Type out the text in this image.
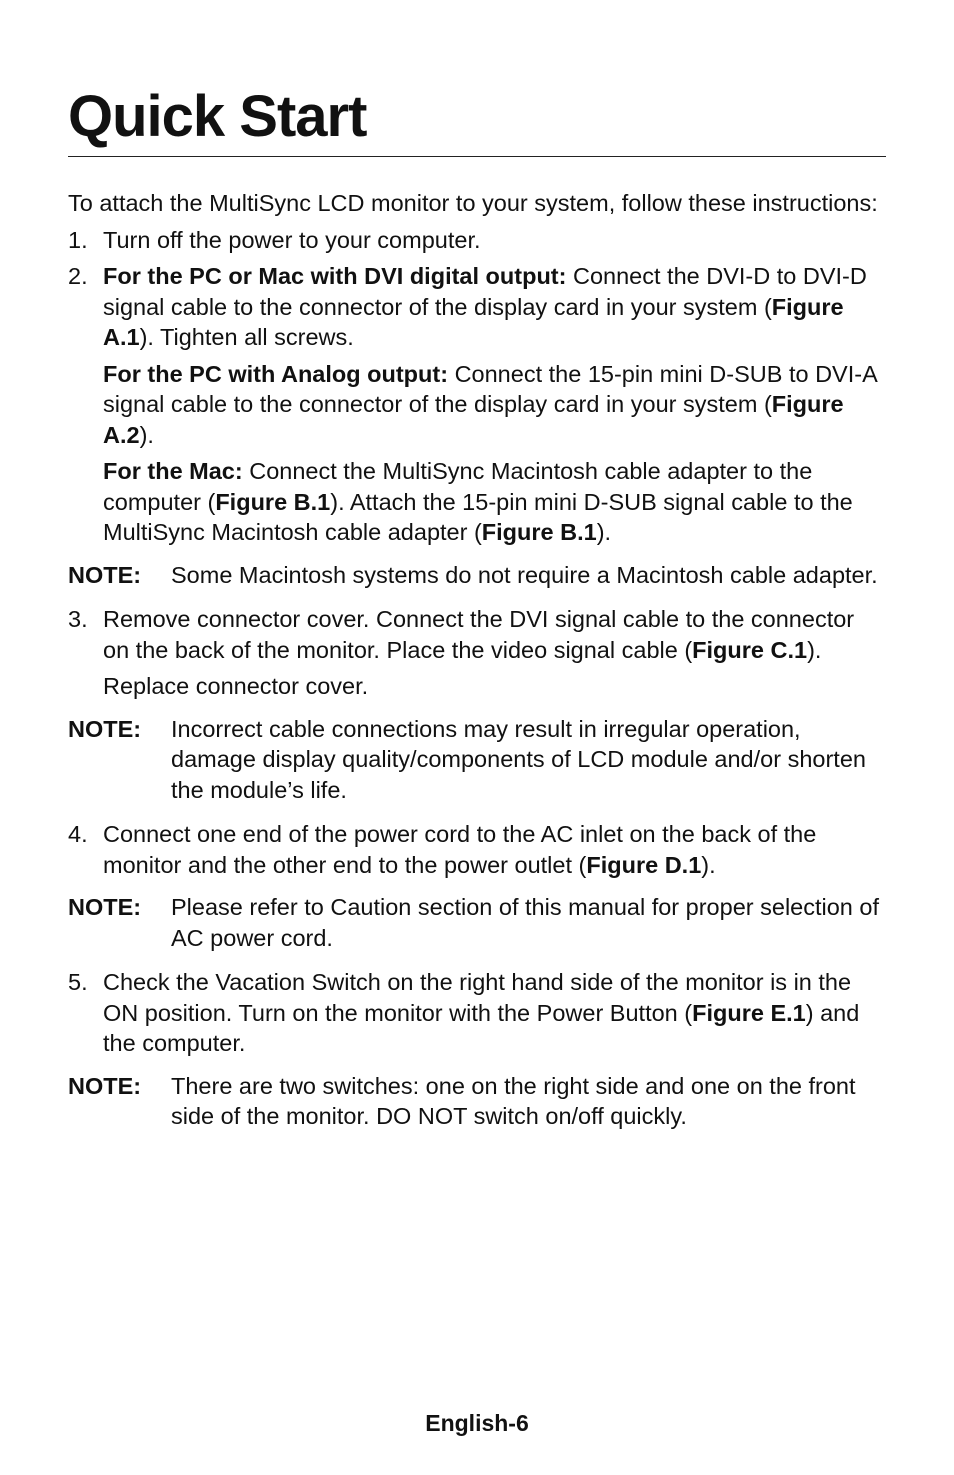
Quick Start

To attach the MultiSync LCD monitor to your system, follow these instructions:

1. Turn off the power to your computer.
2. For the PC or Mac with DVI digital output: Connect the DVI-D to DVI-D signal cable to the connector of the display card in your system (Figure A.1). Tighten all screws.

For the PC with Analog output: Connect the 15-pin mini D-SUB to DVI-A signal cable to the connector of the display card in your system (Figure A.2).

For the Mac: Connect the MultiSync Macintosh cable adapter to the computer (Figure B.1). Attach the 15-pin mini D-SUB signal cable to the MultiSync Macintosh cable adapter (Figure B.1).

NOTE:	Some Macintosh systems do not require a Macintosh cable adapter.
3. Remove connector cover. Connect the DVI signal cable to the connector on the back of the monitor. Place the video signal cable (Figure C.1).

Replace connector cover.

NOTE:	Incorrect cable connections may result in irregular operation, damage display quality/components of LCD module and/or shorten the module’s life.
4. Connect one end of the power cord to the AC inlet on the back of the monitor and the other end to the power outlet (Figure D.1).

NOTE:	Please refer to Caution section of this manual for proper selection of AC power cord.
5. Check the Vacation Switch on the right hand side of the monitor is in the ON position. Turn on the monitor with the Power Button (Figure E.1) and the computer.

NOTE:	There are two switches: one on the right side and one on the front side of the monitor. DO NOT switch on/off quickly.
English-6
